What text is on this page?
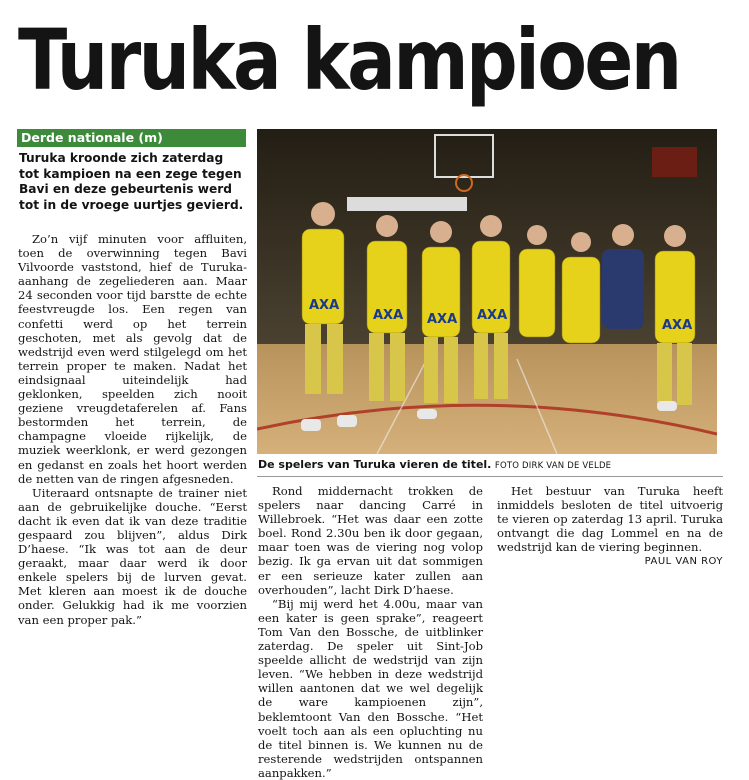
Turuka kampioen
Derde nationale (m)
Turuka kroonde zich zaterdag tot kampioen na een zege tegen Bavi en deze gebeurtenis werd tot in de vroege uurtjes gevierd.

Zo’n vijf minuten voor affluiten, toen de overwinning tegen Bavi Vilvoorde vaststond, hief de Turuka-aanhang de zegeliederen aan. Maar 24 seconden voor tijd barstte de echte feestvreugde los. Een regen van confetti werd op het terrein geschoten, met als gevolg dat de wedstrijd even werd stilgelegd om het terrein proper te maken. Nadat het eindsignaal uiteindelijk had geklonken, speelden zich nooit geziene vreugdetaferelen af. Fans bestormden het terrein, de champagne vloeide rijkelijk, de muziek weerklonk, er werd gezongen en gedanst en zoals het hoort werden de netten van de ringen afgesneden.

Uiteraard ontsnapte de trainer niet aan de gebruikelijke douche. “Eerst dacht ik even dat ik van deze traditie gespaard zou blijven”, aldus Dirk D’haese. “Ik was tot aan de deur geraakt, maar daar werd ik door enkele spelers bij de lurven gevat. Met kleren aan moest ik de douche onder. Gelukkig had ik me voorzien van een proper pak.”

Rond middernacht trokken de spelers naar dancing Carré in Willebroek. “Het was daar een zotte boel. Rond 2.30u ben ik door gegaan, maar toen was de viering nog volop bezig. Ik ga ervan uit dat sommigen er een serieuze kater zullen aan overhouden”, lacht Dirk D’haese.

“Bij mij werd het 4.00u, maar van een kater is geen sprake”, reageert Tom Van den Bossche, de uitblinker zaterdag. De speler uit Sint-Job speelde allicht de wedstrijd van zijn leven. “We hebben in deze wedstrijd willen aantonen dat we wel degelijk de ware kampioenen zijn”, beklemtoont Van den Bossche. “Het voelt toch aan als een opluchting nu de titel binnen is. We kunnen nu de resterende wedstrijden ontspannen aanpakken.”

Het bestuur van Turuka heeft inmiddels besloten de titel uitvoerig te vieren op zaterdag 13 april. Turuka ontvangt die dag Lommel en na de wedstrijd kan de viering beginnen.

PAUL VAN ROY
AXA
AXA AXA AXA
AXA
De spelers van Turuka vieren de titel. FOTO DIRK VAN DE VELDE
